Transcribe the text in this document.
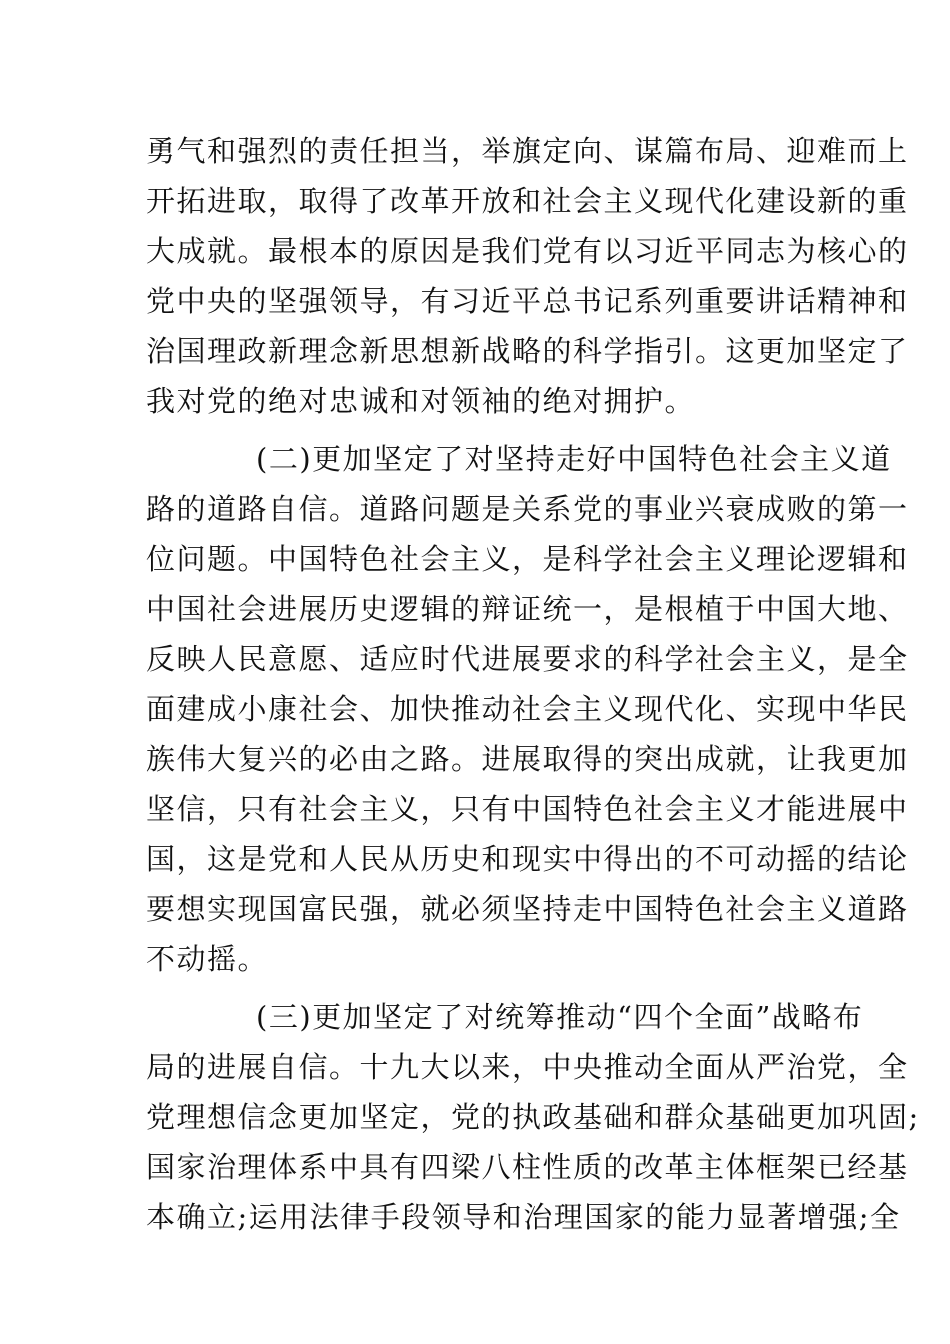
勇气和强烈的责任担当，举旗定向、谋篇布局、迎难而上
开拓进取，取得了改革开放和社会主义现代化建设新的重
大成就。最根本的原因是我们党有以习近平同志为核心的
党中央的坚强领导，有习近平总书记系列重要讲话精神和
治国理政新理念新思想新战略的科学指引。这更加坚定了
我对党的绝对忠诚和对领袖的绝对拥护。
(二)更加坚定了对坚持走好中国特色社会主义道
路的道路自信。道路问题是关系党的事业兴衰成败的第一
位问题。中国特色社会主义，是科学社会主义理论逻辑和
中国社会进展历史逻辑的辩证统一，是根植于中国大地、
反映人民意愿、适应时代进展要求的科学社会主义，是全
面建成小康社会、加快推动社会主义现代化、实现中华民
族伟大复兴的必由之路。进展取得的突出成就，让我更加
坚信，只有社会主义，只有中国特色社会主义才能进展中
国，这是党和人民从历史和现实中得出的不可动摇的结论
要想实现国富民强，就必须坚持走中国特色社会主义道路
不动摇。
(三)更加坚定了对统筹推动“四个全面”战略布
局的进展自信。十九大以来，中央推动全面从严治党，全
党理想信念更加坚定，党的执政基础和群众基础更加巩固;
国家治理体系中具有四梁八柱性质的改革主体框架已经基
本确立;运用法律手段领导和治理国家的能力显著增强;全
